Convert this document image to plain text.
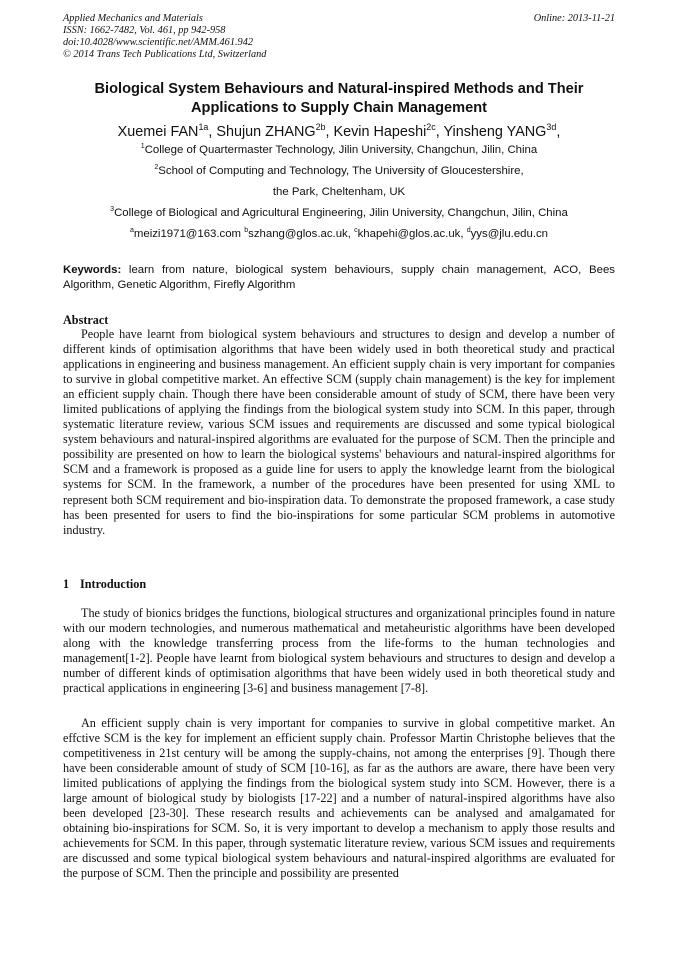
Applied Mechanics and Materials
ISSN: 1662-7482, Vol. 461, pp 942-958
doi:10.4028/www.scientific.net/AMM.461.942
© 2014 Trans Tech Publications Ltd, Switzerland
Online: 2013-11-21
Biological System Behaviours and Natural-inspired Methods and Their
Applications to Supply Chain Management
Xuemei $FAN^{1a}$, Shujun $ZHANG^{2b}$, Kevin Hapeshi$^{2c}$, Yinsheng $YANG^{3d}$,
$^1$College of Quartermaster Technology, Jilin University, Changchun, Jilin, China
$^2$School of Computing and Technology, The University of Gloucestershire,
the Park, Cheltenham, UK
$^3$College of Biological and Agricultural Engineering, Jilin University, Changchun, Jilin, China
$^a$meizi1971@163.com $^b$szhang@glos.ac.uk, $^c$khapehi@glos.ac.uk, $^d$yys@jlu.edu.cn
Keywords: learn from nature, biological system behaviours, supply chain management, ACO, Bees Algorithm, Genetic Algorithm, Firefly Algorithm
Abstract

People have learnt from biological system behaviours and structures to design and develop a number of different kinds of optimisation algorithms that have been widely used in both theoretical study and practical applications in engineering and business management. An efficient supply chain is very important for companies to survive in global competitive market. An effective SCM (supply chain management) is the key for implement an efficient supply chain. Though there have been considerable amount of study of SCM, there have been very limited publications of applying the findings from the biological system study into SCM. In this paper, through systematic literature review, various SCM issues and requirements are discussed and some typical biological system behaviours and natural-inspired algorithms are evaluated for the purpose of SCM. Then the principle and possibility are presented on how to learn the biological systems' behaviours and natural-inspired algorithms for SCM and a framework is proposed as a guide line for users to apply the knowledge learnt from the biological systems for SCM. In the framework, a number of the procedures have been presented for using XML to represent both SCM requirement and bio-inspiration data. To demonstrate the proposed framework, a case study has been presented for users to find the bio-inspirations for some particular SCM problems in automotive industry.

1 Introduction

The study of bionics bridges the functions, biological structures and organizational principles found in nature with our modern technologies, and numerous mathematical and metaheuristic algorithms have been developed along with the knowledge transferring process from the life-forms to the human technologies and management[1-2]. People have learnt from biological system behaviours and structures to design and develop a number of different kinds of optimisation algorithms that have been widely used in both theoretical study and practical applications in engineering [3-6] and business management [7-8].

An efficient supply chain is very important for companies to survive in global competitive market. An effctive SCM is the key for implement an efficient supply chain. Professor Martin Christophe believes that the competitiveness in 21st century will be among the supply-chains, not among the enterprises [9]. Though there have been considerable amount of study of SCM [10-16], as far as the authors are aware, there have been very limited publications of applying the findings from the biological system study into SCM. However, there is a large amount of biological study by biologists [17-22] and a number of natural-inspired algorithms have also been developed [23-30]. These research results and achievements can be analysed and amalgamated for obtaining bio-inspirations for SCM. So, it is very important to develop a mechanism to apply those results and achievements for SCM. In this paper, through systematic literature review, various SCM issues and requirements are discussed and some typical biological system behaviours and natural-inspired algorithms are evaluated for the purpose of SCM. Then the principle and possibility are presented
